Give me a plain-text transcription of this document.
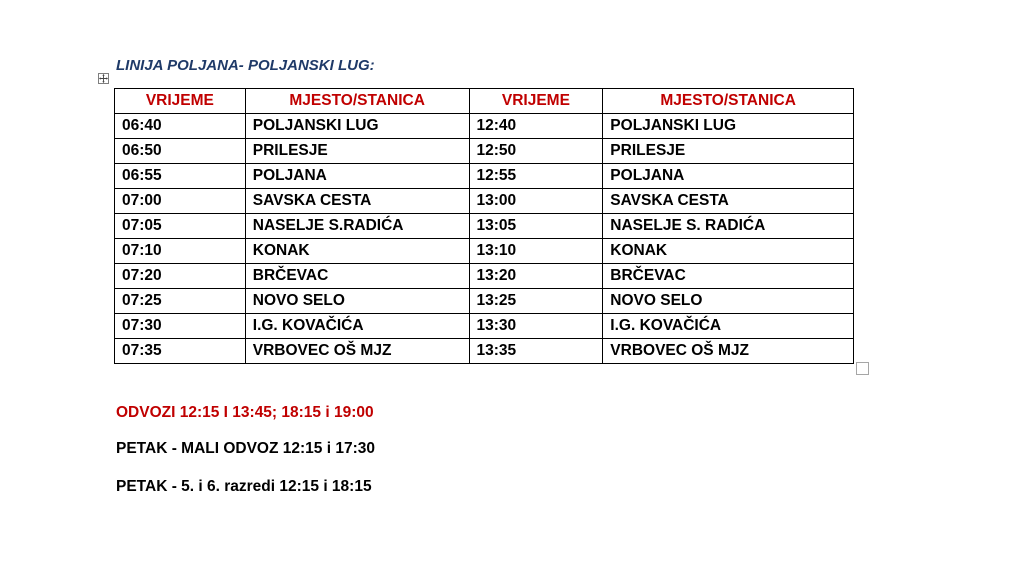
LINIJA POLJANA- POLJANSKI LUG:
VRIJEME	MJESTO/STANICA	VRIJEME	MJESTO/STANICA
06:40	POLJANSKI LUG	12:40	POLJANSKI LUG
06:50	PRILESJE	12:50	PRILESJE
06:55	POLJANA	12:55	POLJANA
07:00	SAVSKA CESTA	13:00	SAVSKA CESTA
07:05	NASELJE S.RADIĆA	13:05	NASELJE S. RADIĆA
07:10	KONAK	13:10	KONAK
07:20	BRČEVAC	13:20	BRČEVAC
07:25	NOVO SELO	13:25	NOVO SELO
07:30	I.G. KOVAČIĆA	13:30	I.G. KOVAČIĆA
07:35	VRBOVEC OŠ MJZ	13:35	VRBOVEC OŠ MJZ
ODVOZI 12:15 I 13:45; 18:15 i 19:00
PETAK - MALI ODVOZ 12:15 i 17:30
PETAK - 5. i 6. razredi 12:15 i 18:15
